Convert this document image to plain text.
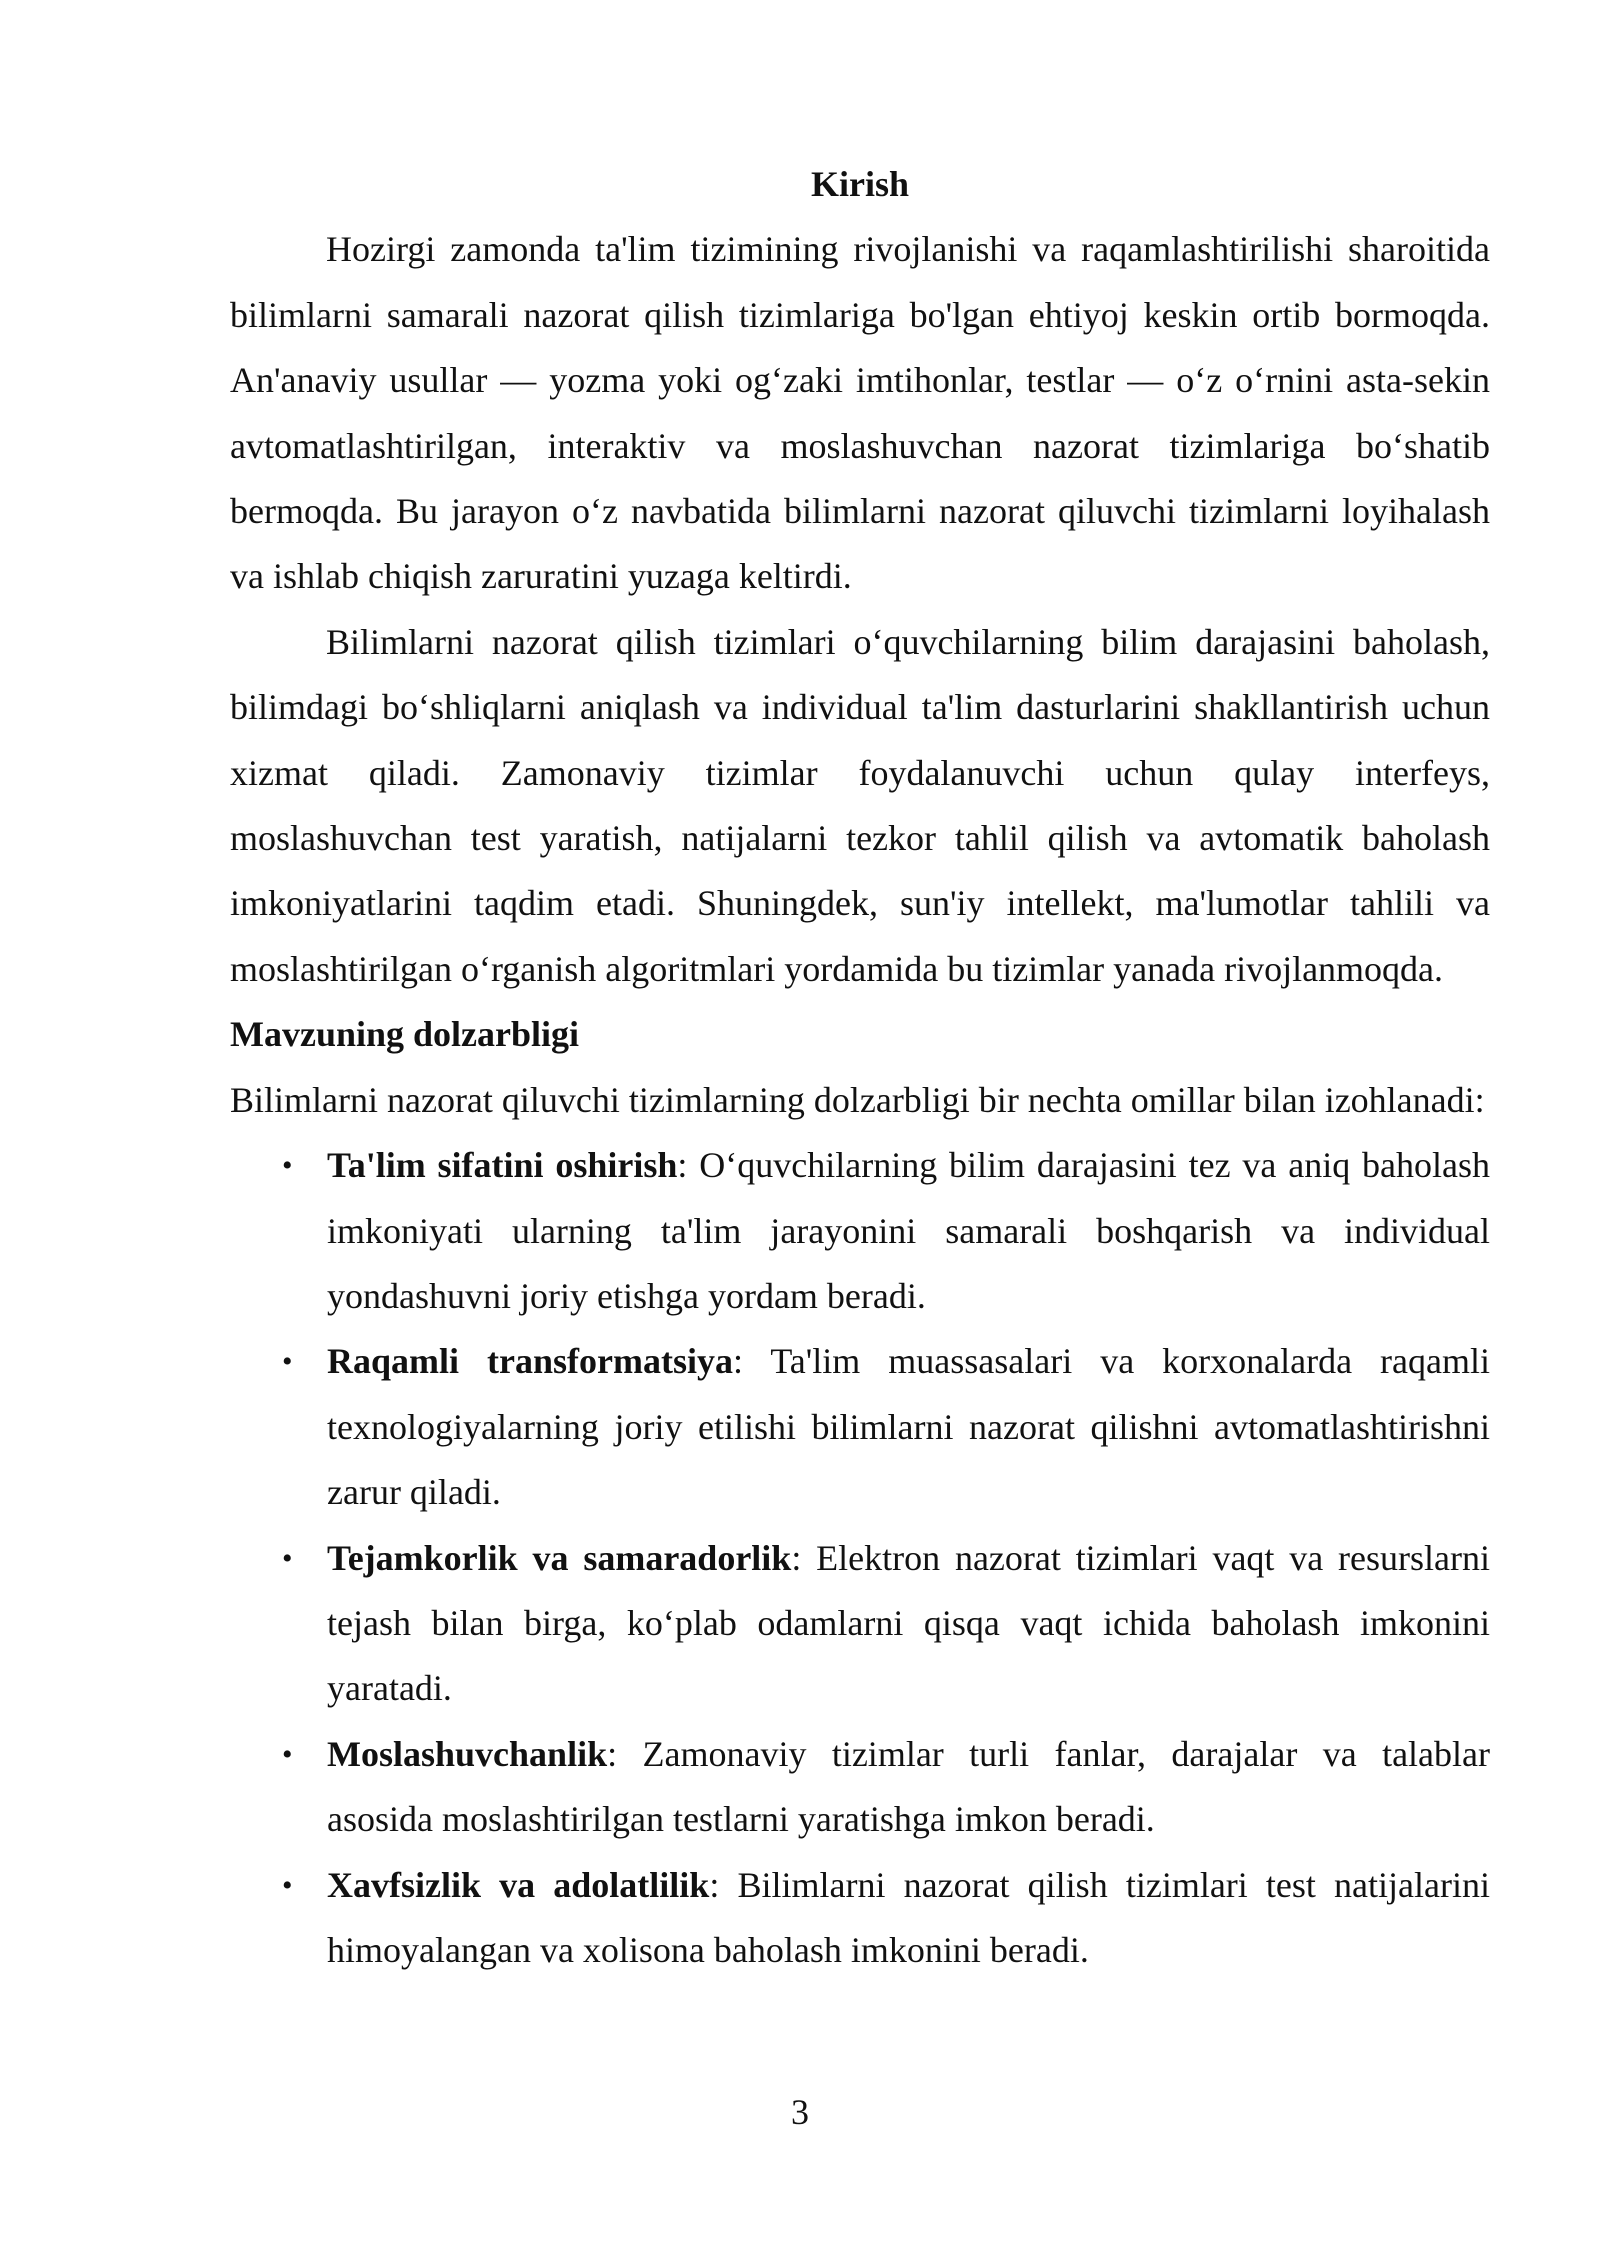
Kirish

Hozirgi zamonda ta'lim tizimining rivojlanishi va raqamlashtirilishi sharoitida bilimlarni samarali nazorat qilish tizimlariga bo'lgan ehtiyoj keskin ortib bormoqda. An'anaviy usullar — yozma yoki og‘zaki imtihonlar, testlar — o‘z o‘rnini asta-sekin avtomatlashtirilgan, interaktiv va moslashuvchan nazorat tizimlariga bo‘shatib bermoqda. Bu jarayon o‘z navbatida bilimlarni nazorat qiluvchi tizimlarni loyihalash va ishlab chiqish zaruratini yuzaga keltirdi.

Bilimlarni nazorat qilish tizimlari o‘quvchilarning bilim darajasini baholash, bilimdagi bo‘shliqlarni aniqlash va individual ta'lim dasturlarini shakllantirish uchun xizmat qiladi. Zamonaviy tizimlar foydalanuvchi uchun qulay interfeys, moslashuvchan test yaratish, natijalarni tezkor tahlil qilish va avtomatik baholash imkoniyatlarini taqdim etadi. Shuningdek, sun'iy intellekt, ma'lumotlar tahlili va moslashtirilgan o‘rganish algoritmlari yordamida bu tizimlar yanada rivojlanmoqda.

Mavzuning dolzarbligi

Bilimlarni nazorat qiluvchi tizimlarning dolzarbligi bir nechta omillar bilan izohlanadi:

• Ta'lim sifatini oshirish: O‘quvchilarning bilim darajasini tez va aniq baholash imkoniyati ularning ta'lim jarayonini samarali boshqarish va individual yondashuvni joriy etishga yordam beradi.
• Raqamli transformatsiya: Ta'lim muassasalari va korxonalarda raqamli texnologiyalarning joriy etilishi bilimlarni nazorat qilishni avtomatlashtirishni zarur qiladi.
• Tejamkorlik va samaradorlik: Elektron nazorat tizimlari vaqt va resurslarni tejash bilan birga, ko‘plab odamlarni qisqa vaqt ichida baholash imkonini yaratadi.
• Moslashuvchanlik: Zamonaviy tizimlar turli fanlar, darajalar va talablar asosida moslashtirilgan testlarni yaratishga imkon beradi.
• Xavfsizlik va adolatlilik: Bilimlarni nazorat qilish tizimlari test natijalarini himoyalangan va xolisona baholash imkonini beradi.
3
